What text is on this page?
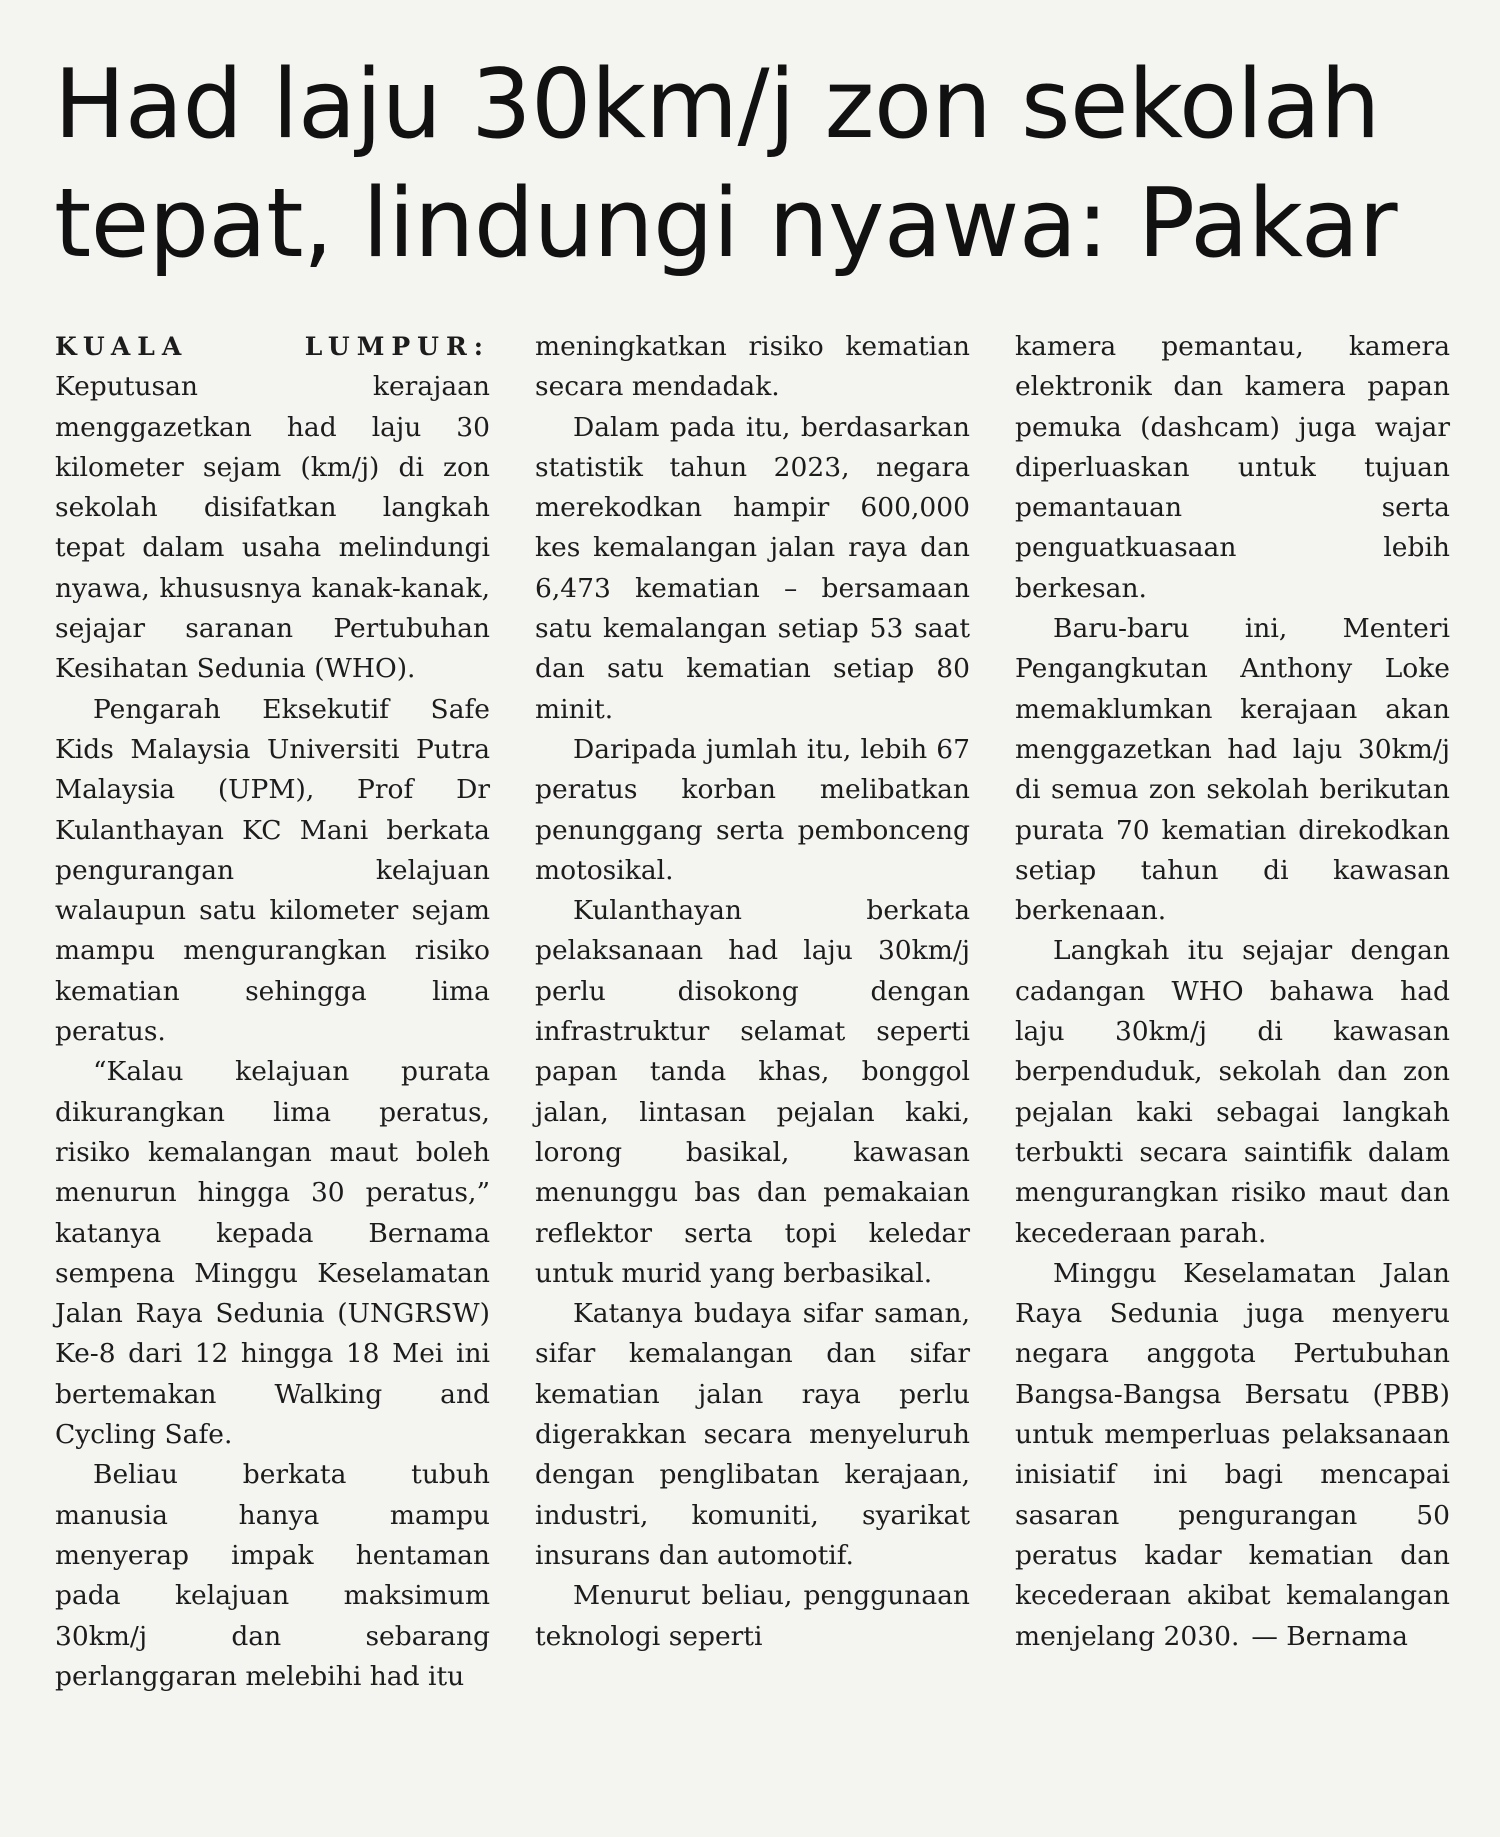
Had laju 30km/j zon sekolah tepat, lindungi nyawa: Pakar

KUALA LUMPUR: Keputusan kerajaan menggazetkan had laju 30 kilometer sejam (km/j) di zon sekolah disifatkan langkah tepat dalam usaha melindungi nyawa, khususnya kanak-kanak, sejajar saranan Pertubuhan Kesihatan Sedunia (WHO).

Pengarah Eksekutif Safe Kids Malaysia Universiti Putra Malaysia (UPM), Prof Dr Kulanthayan KC Mani berkata pengurangan kelajuan walaupun satu kilometer sejam mampu mengurangkan risiko kematian sehingga lima peratus.

“Kalau kelajuan purata dikurangkan lima peratus, risiko kemalangan maut boleh menurun hingga 30 peratus,” katanya kepada Bernama sempena Minggu Keselamatan Jalan Raya Sedunia (UNGRSW) Ke-8 dari 12 hingga 18 Mei ini bertemakan Walking and Cycling Safe.

Beliau berkata tubuh manusia hanya mampu menyerap impak hentaman pada kelajuan maksimum 30km/j dan sebarang perlanggaran melebihi had itu

meningkatkan risiko kematian secara mendadak.

Dalam pada itu, berdasarkan statistik tahun 2023, negara merekodkan hampir 600,000 kes kemalangan jalan raya dan 6,473 kematian – bersamaan satu kemalangan setiap 53 saat dan satu kematian setiap 80 minit.

Daripada jumlah itu, lebih 67 peratus korban melibatkan penunggang serta pembonceng motosikal.

Kulanthayan berkata pelaksanaan had laju 30km/j perlu disokong dengan infrastruktur selamat seperti papan tanda khas, bonggol jalan, lintasan pejalan kaki, lorong basikal, kawasan menunggu bas dan pemakaian reflektor serta topi keledar untuk murid yang berbasikal.

Katanya budaya sifar saman, sifar kemalangan dan sifar kematian jalan raya perlu digerakkan secara menyeluruh dengan penglibatan kerajaan, industri, komuniti, syarikat insurans dan automotif.

Menurut beliau, penggunaan teknologi seperti

kamera pemantau, kamera elektronik dan kamera papan pemuka (dashcam) juga wajar diperluaskan untuk tujuan pemantauan serta penguatkuasaan lebih berkesan.

Baru-baru ini, Menteri Pengangkutan Anthony Loke memaklumkan kerajaan akan menggazetkan had laju 30km/j di semua zon sekolah berikutan purata 70 kematian direkodkan setiap tahun di kawasan berkenaan.

Langkah itu sejajar dengan cadangan WHO bahawa had laju 30km/j di kawasan berpenduduk, sekolah dan zon pejalan kaki sebagai langkah terbukti secara saintifik dalam mengurangkan risiko maut dan kecederaan parah.

Minggu Keselamatan Jalan Raya Sedunia juga menyeru negara anggota Pertubuhan Bangsa-Bangsa Bersatu (PBB) untuk memperluas pelaksanaan inisiatif ini bagi mencapai sasaran pengurangan 50 peratus kadar kematian dan kecederaan akibat kemalangan menjelang 2030. — Bernama
